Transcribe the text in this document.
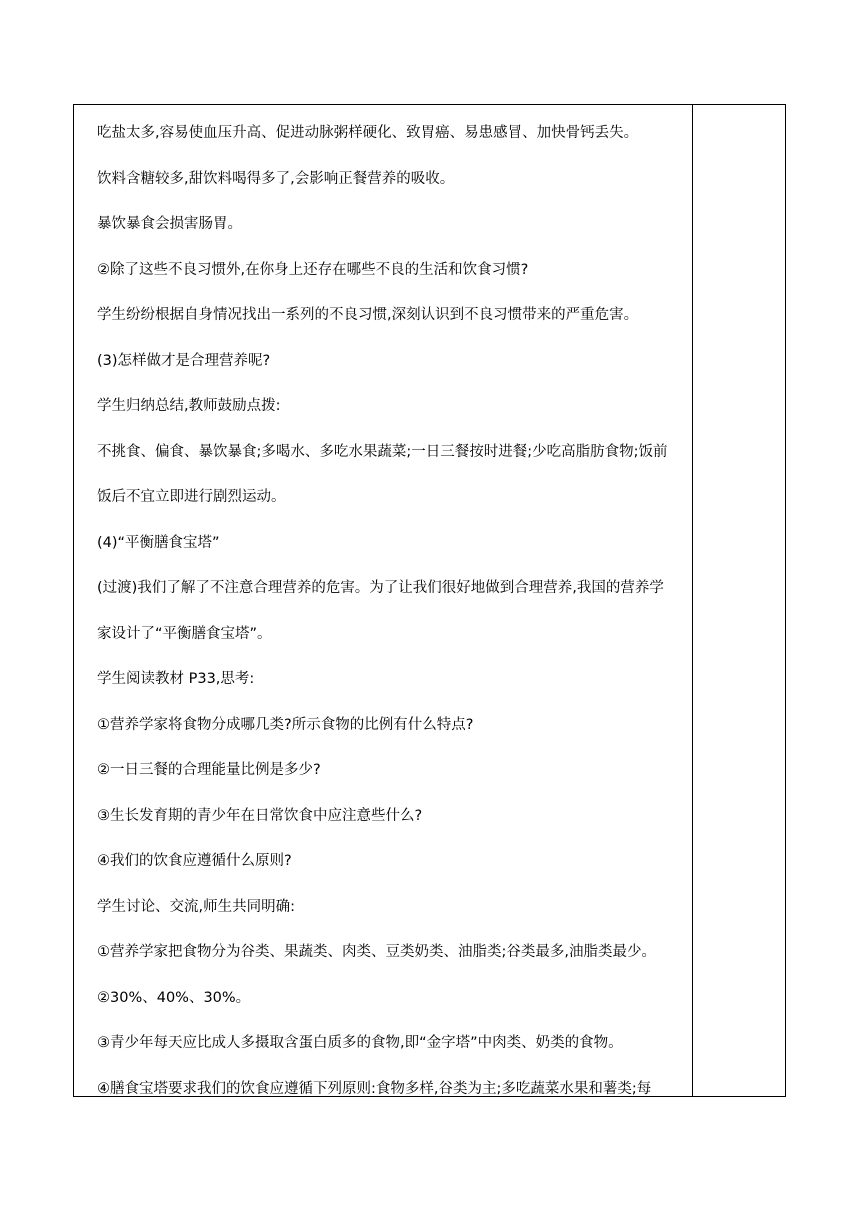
吃盐太多,容易使血压升高、促进动脉粥样硬化、致胃癌、易患感冒、加快骨钙丢失。

饮料含糖较多,甜饮料喝得多了,会影响正餐营养的吸收。

暴饮暴食会损害肠胃。

②除了这些不良习惯外,在你身上还存在哪些不良的生活和饮食习惯?

学生纷纷根据自身情况找出一系列的不良习惯,深刻认识到不良习惯带来的严重危害。

(3)怎样做才是合理营养呢?

学生归纳总结,教师鼓励点拨:

不挑食、偏食、暴饮暴食;多喝水、多吃水果蔬菜;一日三餐按时进餐;少吃高脂肪食物;饭前

饭后不宜立即进行剧烈运动。

(4)“平衡膳食宝塔”

(过渡)我们了解了不注意合理营养的危害。为了让我们很好地做到合理营养,我国的营养学

家设计了“平衡膳食宝塔”。

学生阅读教材 P33,思考:

①营养学家将食物分成哪几类?所示食物的比例有什么特点?

②一日三餐的合理能量比例是多少?

③生长发育期的青少年在日常饮食中应注意些什么?

④我们的饮食应遵循什么原则?

学生讨论、交流,师生共同明确:

①营养学家把食物分为谷类、果蔬类、肉类、豆类奶类、油脂类;谷类最多,油脂类最少。

②30%、40%、30%。

③青少年每天应比成人多摄取含蛋白质多的食物,即“金字塔”中肉类、奶类的食物。

④膳食宝塔要求我们的饮食应遵循下列原则:食物多样,谷类为主;多吃蔬菜水果和薯类;每
